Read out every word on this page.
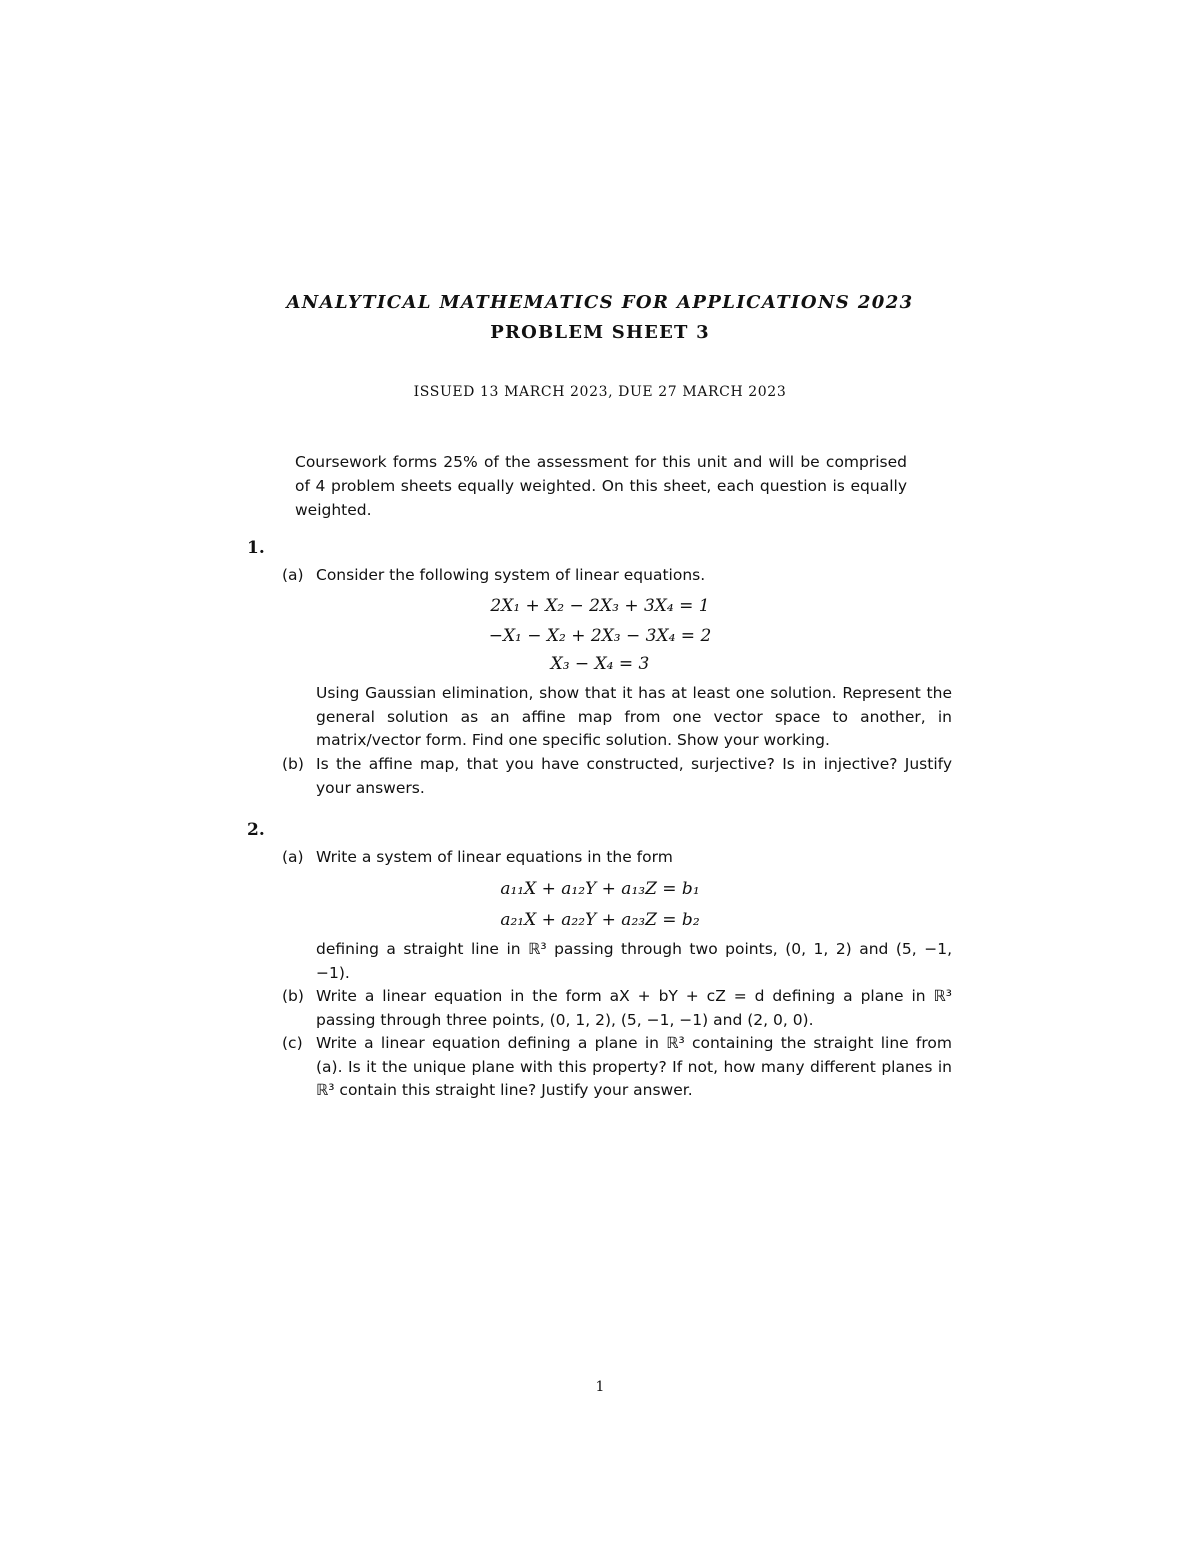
ANALYTICAL MATHEMATICS FOR APPLICATIONS 2023
PROBLEM SHEET 3
ISSUED 13 MARCH 2023, DUE 27 MARCH 2023
Coursework forms 25% of the assessment for this unit and will be comprised of 4 problem sheets equally weighted. On this sheet, each question is equally weighted.
1.
(a) Consider the following system of linear equations.
2X₁ + X₂ − 2X₃ + 3X₄ = 1
−X₁ − X₂ + 2X₃ − 3X₄ = 2
X₃ − X₄ = 3
Using Gaussian elimination, show that it has at least one solution. Represent the general solution as an affine map from one vector space to another, in matrix/vector form. Find one specific solution. Show your working.
(b) Is the affine map, that you have constructed, surjective? Is in injective? Justify your answers.
2.
(a) Write a system of linear equations in the form
a₁₁X + a₁₂Y + a₁₃Z = b₁
a₂₁X + a₂₂Y + a₂₃Z = b₂
defining a straight line in ℝ³ passing through two points, (0, 1, 2) and (5, −1, −1).
(b) Write a linear equation in the form aX + bY + cZ = d defining a plane in ℝ³ passing through three points, (0, 1, 2), (5, −1, −1) and (2, 0, 0).
(c) Write a linear equation defining a plane in ℝ³ containing the straight line from (a). Is it the unique plane with this property? If not, how many different planes in ℝ³ contain this straight line? Justify your answer.
1
